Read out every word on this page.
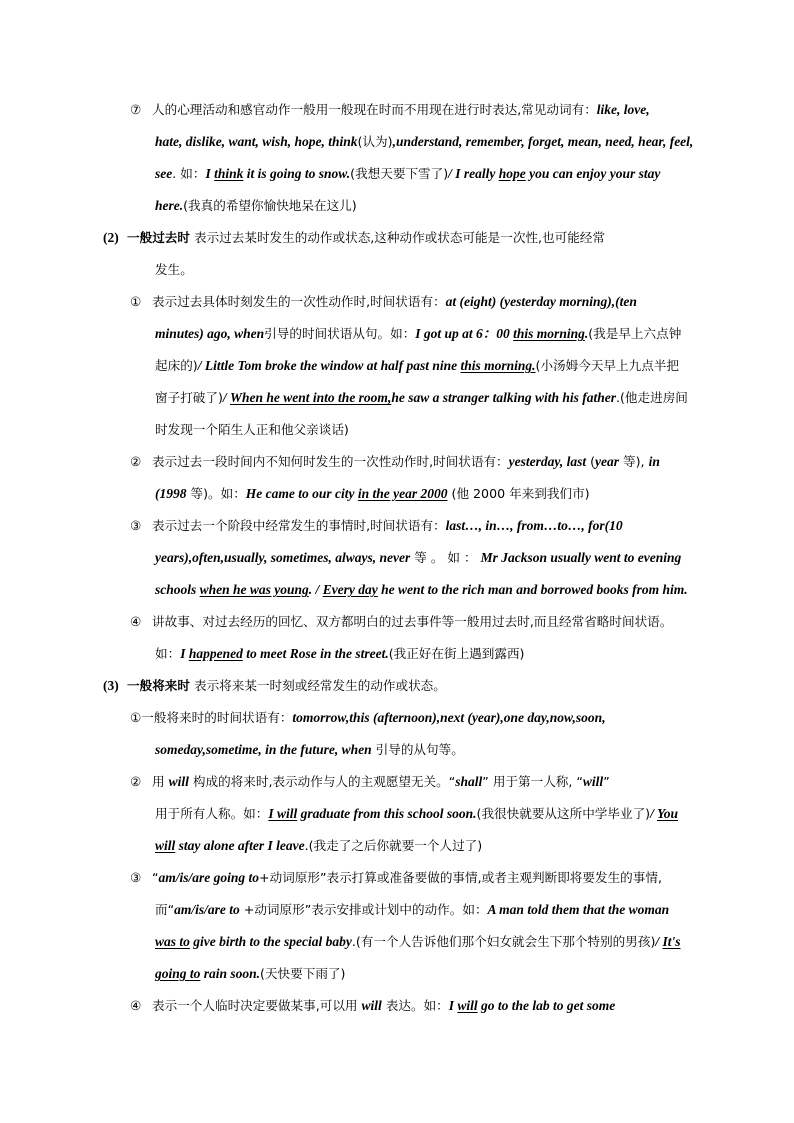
⑦ 人的心理活动和感官动作一般用一般现在时而不用现在进行时表达,常见动词有：like, love,
hate, dislike, want, wish, hope, think(认为),understand, remember, forget, mean, need, hear, feel,
see. 如：I think it is going to snow.(我想天要下雪了)/ I really hope you can enjoy your stay
here.(我真的希望你愉快地呆在这儿)
(2) 一般过去时 表示过去某时发生的动作或状态,这种动作或状态可能是一次性,也可能经常
发生。
① 表示过去具体时刻发生的一次性动作时,时间状语有：at (eight) (yesterday morning),(ten
minutes) ago, when引导的时间状语从句。如：I got up at 6：00 this morning.(我是早上六点钟
起床的)/ Little Tom broke the window at half past nine this morning.(小汤姆今天早上九点半把
窗子打破了)/ When he went into the room,he saw a stranger talking with his father.(他走进房间
时发现一个陌生人正和他父亲谈话)
② 表示过去一段时间内不知何时发生的一次性动作时,时间状语有：yesterday, last (year 等), in
(1998 等)。如：He came to our city in the year 2000 (他 2000 年来到我们市)
③ 表示过去一个阶段中经常发生的事情时,时间状语有：last…, in…, from…to…, for(10
years),often,usually, sometimes, always, never 等 。 如 ： Mr Jackson usually went to evening
schools when he was young. / Every day he went to the rich man and borrowed books from him.
④ 讲故事、对过去经历的回忆、双方都明白的过去事件等一般用过去时,而且经常省略时间状语。
如：I happened to meet Rose in the street.(我正好在街上遇到露西)
(3) 一般将来时 表示将来某一时刻或经常发生的动作或状态。
①一般将来时的时间状语有：tomorrow,this (afternoon),next (year),one day,now,soon,
someday,sometime, in the future, when 引导的从句等。
② 用 will 构成的将来时,表示动作与人的主观愿望无关。“shall” 用于第一人称, “will”
用于所有人称。如：I will graduate from this school soon.(我很快就要从这所中学毕业了)/ You
will stay alone after I leave.(我走了之后你就要一个人过了)
③ “am/is/are going to+动词原形”表示打算或准备要做的事情,或者主观判断即将要发生的事情,
而“am/is/are to +动词原形”表示安排或计划中的动作。如：A man told them that the woman
was to give birth to the special baby.(有一个人告诉他们那个妇女就会生下那个特别的男孩)/ It's
going to rain soon.(天快要下雨了)
④ 表示一个人临时决定要做某事,可以用 will 表达。如：I will go to the lab to get some
